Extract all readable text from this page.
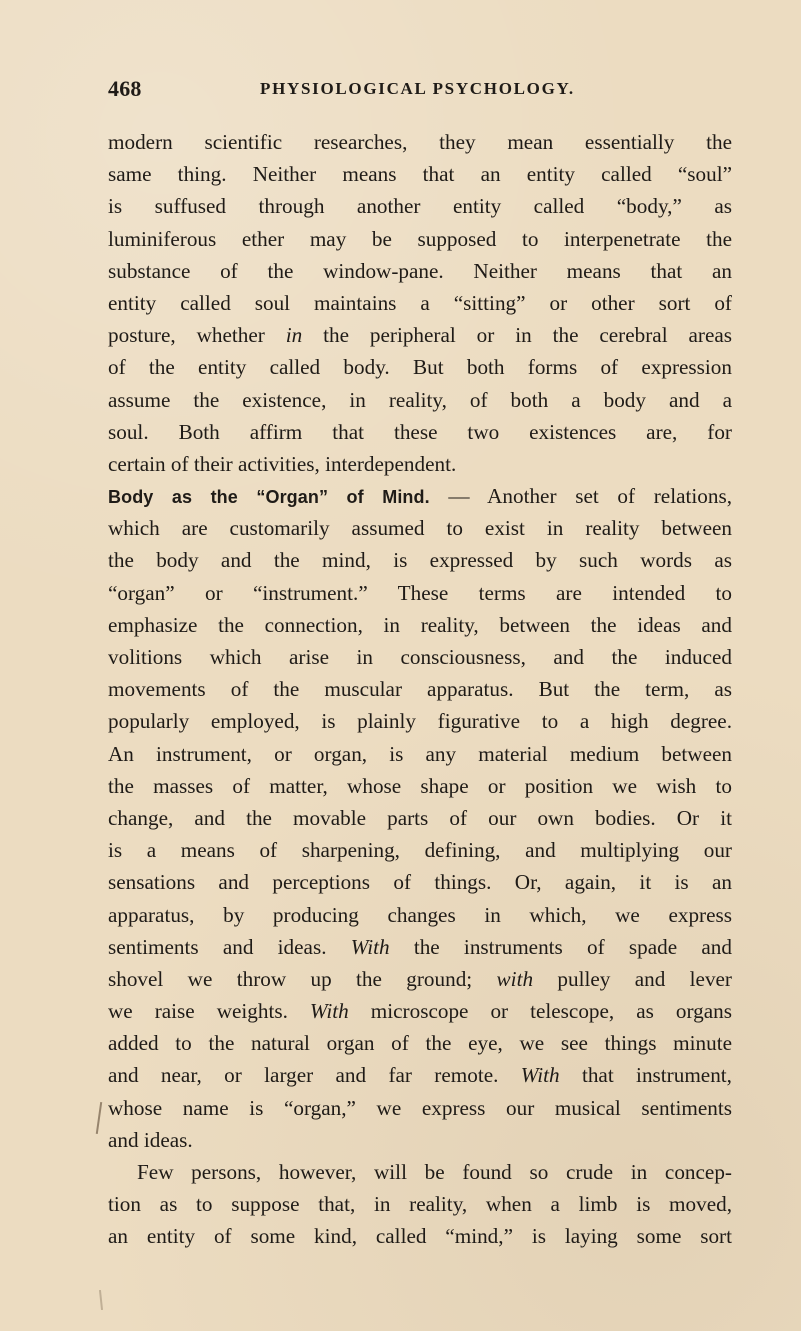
468	PHYSIOLOGICAL PSYCHOLOGY.
modern scientific researches, they mean essentially the
same thing. Neither means that an entity called “soul”
is suffused through another entity called “body,” as
luminiferous ether may be supposed to interpenetrate the
substance of the window-pane. Neither means that an
entity called soul maintains a “sitting” or other sort of
posture, whether in the peripheral or in the cerebral areas
of the entity called body. But both forms of expression
assume the existence, in reality, of both a body and a
soul. Both affirm that these two existences are, for
certain of their activities, interdependent.
Body as the “Organ” of Mind. — Another set of relations,
which are customarily assumed to exist in reality between
the body and the mind, is expressed by such words as
“organ” or “instrument.” These terms are intended to
emphasize the connection, in reality, between the ideas and
volitions which arise in consciousness, and the induced
movements of the muscular apparatus. But the term, as
popularly employed, is plainly figurative to a high degree.
An instrument, or organ, is any material medium between
the masses of matter, whose shape or position we wish to
change, and the movable parts of our own bodies. Or it
is a means of sharpening, defining, and multiplying our
sensations and perceptions of things. Or, again, it is an
apparatus, by producing changes in which, we express
sentiments and ideas. With the instruments of spade and
shovel we throw up the ground; with pulley and lever
we raise weights. With microscope or telescope, as organs
added to the natural organ of the eye, we see things minute
and near, or larger and far remote. With that instrument,
whose name is “organ,” we express our musical sentiments
and ideas.
Few persons, however, will be found so crude in concep-
tion as to suppose that, in reality, when a limb is moved,
an entity of some kind, called “mind,” is laying some sort
